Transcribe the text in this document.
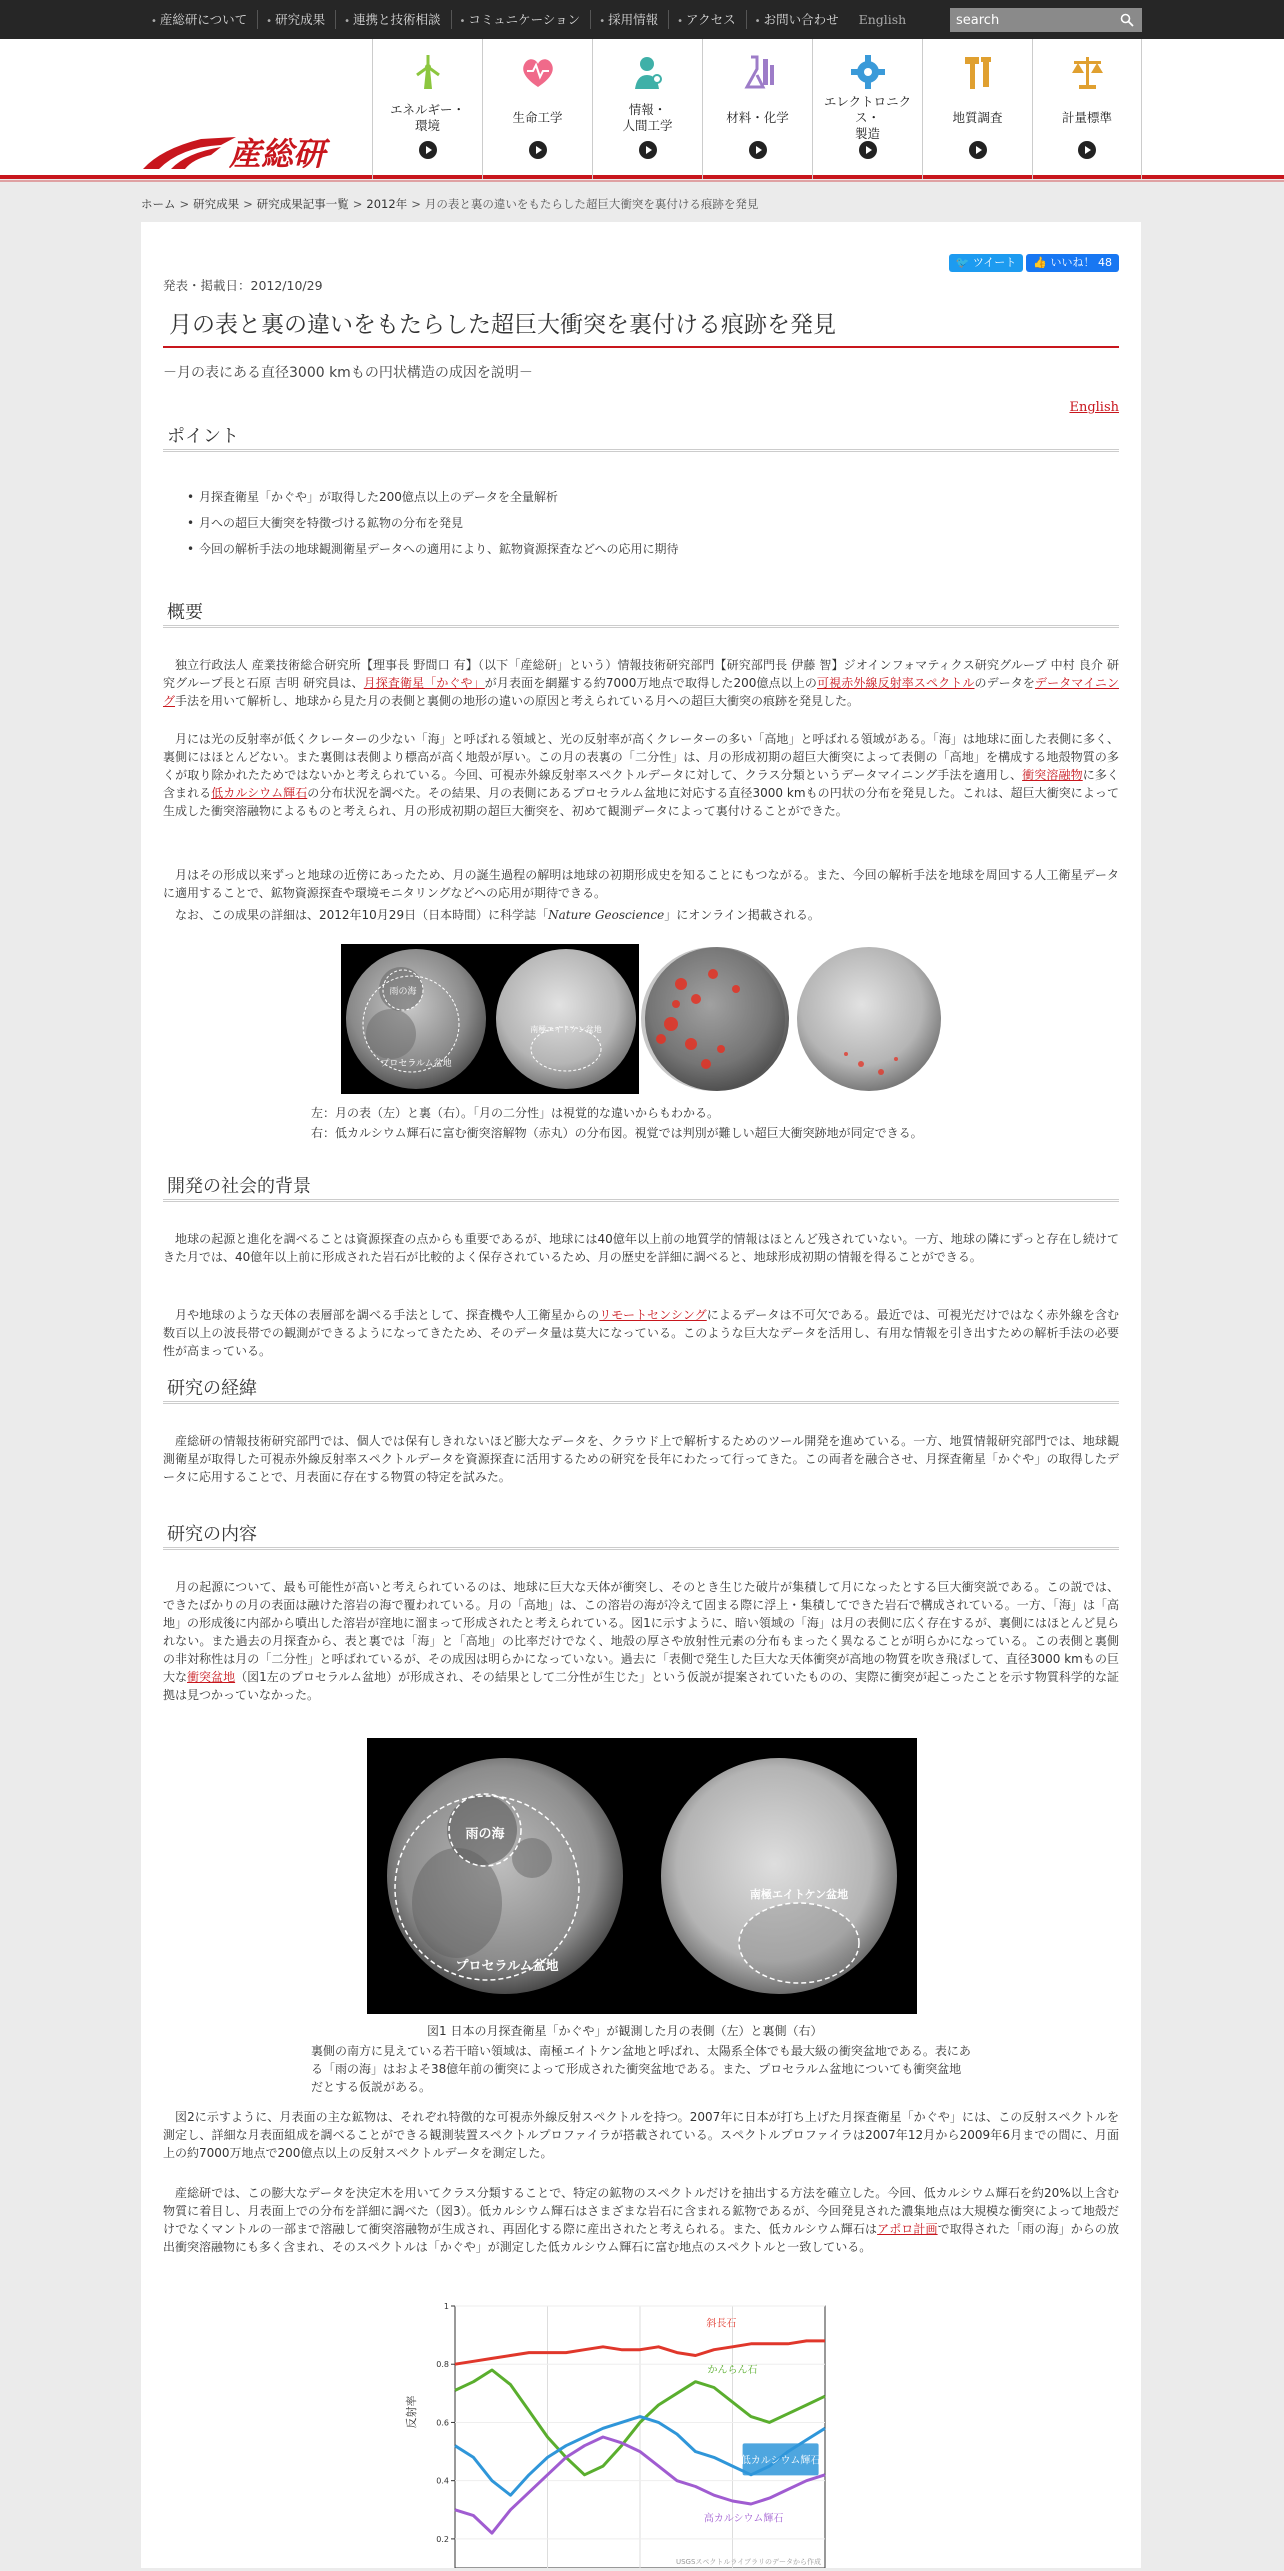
• 産総研について	• 研究成果	• 連携と技術相談	• コミュニケーション	• 採用情報	• アクセス	• お問い合わせ	English
search
産総研
エネルギー・
環境
生命工学
情報・
人間工学
材料・化学
エレクトロニクス・
製造
地質調査	計量標準
ホーム > 研究成果 > 研究成果記事一覧 > 2012年 > 月の表と裏の違いをもたらした超巨大衝突を裏付ける痕跡を発見
🐦 ツイート	👍 いいね！ 48
発表・掲載日：2012/10/29
月の表と裏の違いをもたらした超巨大衝突を裏付ける痕跡を発見
－月の表にある直径3000 kmもの円状構造の成因を説明－
English
ポイント
• 月探査衛星「かぐや」が取得した200億点以上のデータを全量解析
• 月への超巨大衝突を特徴づける鉱物の分布を発見
• 今回の解析手法の地球観測衛星データへの適用により、鉱物資源探査などへの応用に期待
概要

独立行政法人 産業技術総合研究所【理事長 野間口 有】（以下「産総研」という）情報技術研究部門【研究部門長 伊藤 智】ジオインフォマティクス研究グループ 中村 良介 研究グループ長と石原 吉明 研究員は、月探査衛星「かぐや」が月表面を網羅する約7000万地点で取得した200億点以上の可視赤外線反射率スペクトルのデータをデータマイニング手法を用いて解析し、地球から見た月の表側と裏側の地形の違いの原因と考えられている月への超巨大衝突の痕跡を発見した。

月には光の反射率が低くクレーターの少ない「海」と呼ばれる領域と、光の反射率が高くクレーターの多い「高地」と呼ばれる領域がある。「海」は地球に面した表側に多く、裏側にはほとんどない。また裏側は表側より標高が高く地殻が厚い。この月の表裏の「二分性」は、月の形成初期の超巨大衝突によって表側の「高地」を構成する地殻物質の多くが取り除かれたためではないかと考えられている。今回、可視赤外線反射率スペクトルデータに対して、クラス分類というデータマイニング手法を適用し、衝突溶融物に多く含まれる低カルシウム輝石の分布状況を調べた。その結果、月の表側にあるプロセラルム盆地に対応する直径3000 kmもの円状の分布を発見した。これは、超巨大衝突によって生成した衝突溶融物によるものと考えられ、月の形成初期の超巨大衝突を、初めて観測データによって裏付けることができた。

月はその形成以来ずっと地球の近傍にあったため、月の誕生過程の解明は地球の初期形成史を知ることにもつながる。また、今回の解析手法を地球を周回する人工衛星データに適用することで、鉱物資源探査や環境モニタリングなどへの応用が期待できる。

なお、この成果の詳細は、2012年10月29日（日本時間）に科学誌「Nature Geoscience」にオンライン掲載される。

雨の海
プロセラルム盆地
南極エイトケン盆地
左：月の表（左）と裏（右）。「月の二分性」は視覚的な違いからもわかる。
右：低カルシウム輝石に富む衝突溶解物（赤丸）の分布図。視覚では判別が難しい超巨大衝突跡地が同定できる。
開発の社会的背景

地球の起源と進化を調べることは資源探査の点からも重要であるが、地球には40億年以上前の地質学的情報はほとんど残されていない。一方、地球の隣にずっと存在し続けてきた月では、40億年以上前に形成された岩石が比較的よく保存されているため、月の歴史を詳細に調べると、地球形成初期の情報を得ることができる。

月や地球のような天体の表層部を調べる手法として、探査機や人工衛星からのリモートセンシングによるデータは不可欠である。最近では、可視光だけではなく赤外線を含む数百以上の波長帯での観測ができるようになってきたため、そのデータ量は莫大になっている。このような巨大なデータを活用し、有用な情報を引き出すための解析手法の必要性が高まっている。

研究の経緯

産総研の情報技術研究部門では、個人では保有しきれないほど膨大なデータを、クラウド上で解析するためのツール開発を進めている。一方、地質情報研究部門では、地球観測衛星が取得した可視赤外線反射率スペクトルデータを資源探査に活用するための研究を長年にわたって行ってきた。この両者を融合させ、月探査衛星「かぐや」の取得したデータに応用することで、月表面に存在する物質の特定を試みた。

研究の内容

月の起源について、最も可能性が高いと考えられているのは、地球に巨大な天体が衝突し、そのとき生じた破片が集積して月になったとする巨大衝突説である。この説では、できたばかりの月の表面は融けた溶岩の海で覆われている。月の「高地」は、この溶岩の海が冷えて固まる際に浮上・集積してできた岩石で構成されている。一方、「海」は「高地」の形成後に内部から噴出した溶岩が窪地に溜まって形成されたと考えられている。図1に示すように、暗い領域の「海」は月の表側に広く存在するが、裏側にはほとんど見られない。また過去の月探査から、表と裏では「海」と「高地」の比率だけでなく、地殻の厚さや放射性元素の分布もまったく異なることが明らかになっている。この表側と裏側の非対称性は月の「二分性」と呼ばれているが、その成因は明らかになっていない。過去に「表側で発生した巨大な天体衝突が高地の物質を吹き飛ばして、直径3000 kmもの巨大な衝突盆地（図1左のプロセラルム盆地）が形成され、その結果として二分性が生じた」という仮説が提案されていたものの、実際に衝突が起こったことを示す物質科学的な証拠は見つかっていなかった。

雨の海
プロセラルム盆地
南極エイトケン盆地
図1 日本の月探査衛星「かぐや」が観測した月の表側（左）と裏側（右）
裏側の南方に見えている若干暗い領域は、南極エイトケン盆地と呼ばれ、太陽系全体でも最大級の衝突盆地である。表にある「雨の海」はおよそ38億年前の衝突によって形成された衝突盆地である。また、プロセラルム盆地についても衝突盆地だとする仮説がある。

図2に示すように、月表面の主な鉱物は、それぞれ特徴的な可視赤外線反射スペクトルを持つ。2007年に日本が打ち上げた月探査衛星「かぐや」には、この反射スペクトルを測定し、詳細な月表面組成を調べることができる観測装置スペクトルプロファイラが搭載されている。スペクトルプロファイラは2007年12月から2009年6月までの間に、月面上の約7000万地点で200億点以上の反射スペクトルデータを測定した。

産総研では、この膨大なデータを決定木を用いてクラス分類することで、特定の鉱物のスペクトルだけを抽出する方法を確立した。今回、低カルシウム輝石を約20%以上含む物質に着目し、月表面上での分布を詳細に調べた（図3）。低カルシウム輝石はさまざまな岩石に含まれる鉱物であるが、今回発見された濃集地点は大規模な衝突によって地殻だけでなくマントルの一部まで溶融して衝突溶融物が生成され、再固化する際に産出されたと考えられる。また、低カルシウム輝石はアポロ計画で取得された「雨の海」からの放出衝突溶融物にも多く含まれ、そのスペクトルは「かぐや」が測定した低カルシウム輝石に富む地点のスペクトルと一致している。

反射率
1
0.8
0.6
0.4
0.2
斜長石
かんらん石
低カルシウム輝石
高カルシウム輝石
USGSスペクトルライブラリのデータから作成
